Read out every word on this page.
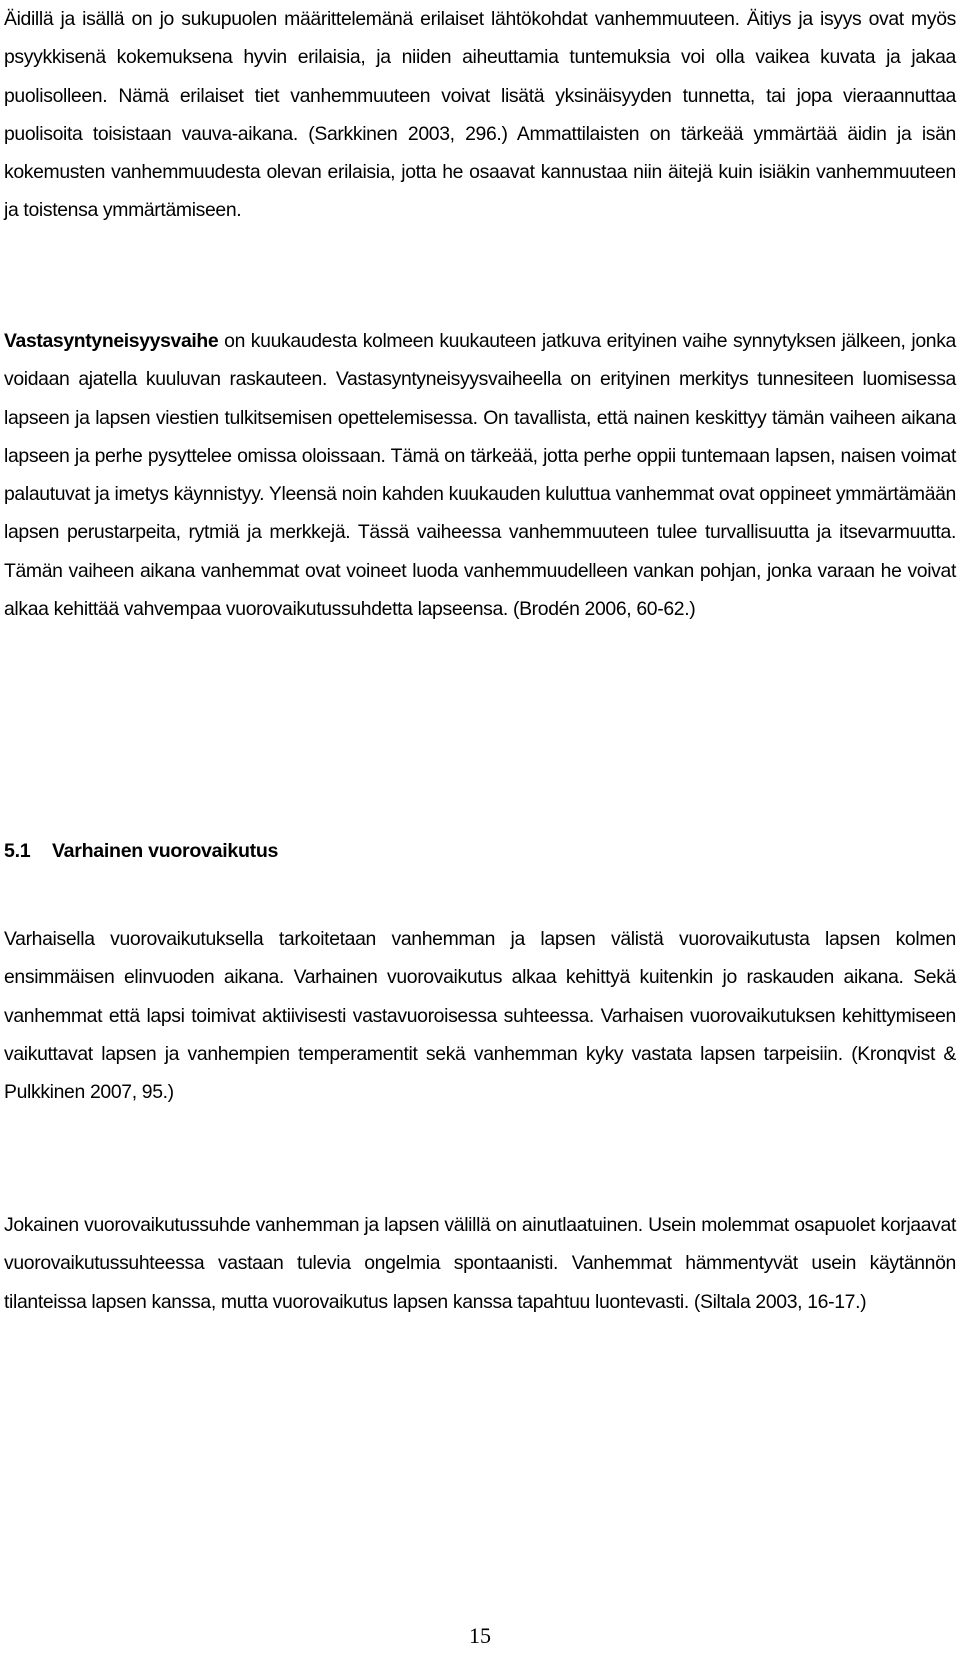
Äidillä ja isällä on jo sukupuolen määrittelemänä erilaiset lähtökohdat vanhemmuuteen. Äitiys ja isyys ovat myös psyykkisenä kokemuksena hyvin erilaisia, ja niiden aiheuttamia tuntemuksia voi olla vaikea kuvata ja jakaa puolisolleen. Nämä erilaiset tiet vanhemmuuteen voivat lisätä yksinäisyyden tunnetta, tai jopa vieraannuttaa puolisoita toisistaan vauva-aikana. (Sarkkinen 2003, 296.) Ammattilaisten on tärkeää ymmärtää äidin ja isän kokemusten vanhemmuudesta olevan erilaisia, jotta he osaavat kannustaa niin äitejä kuin isiäkin vanhemmuuteen ja toistensa ymmärtämiseen.

Vastasyntyneisyysvaihe on kuukaudesta kolmeen kuukauteen jatkuva erityinen vaihe synnytyksen jälkeen, jonka voidaan ajatella kuuluvan raskauteen. Vastasyntyneisyysvaiheella on erityinen merkitys tunnesiteen luomisessa lapseen ja lapsen viestien tulkitsemisen opettelemisessa. On tavallista, että nainen keskittyy tämän vaiheen aikana lapseen ja perhe pysyttelee omissa oloissaan. Tämä on tärkeää, jotta perhe oppii tuntemaan lapsen, naisen voimat palautuvat ja imetys käynnistyy. Yleensä noin kahden kuukauden kuluttua vanhemmat ovat oppineet ymmärtämään lapsen perustarpeita, rytmiä ja merkkejä. Tässä vaiheessa vanhemmuuteen tulee turvallisuutta ja itsevarmuutta. Tämän vaiheen aikana vanhemmat ovat voineet luoda vanhemmuudelleen vankan pohjan, jonka varaan he voivat alkaa kehittää vahvempaa vuorovaikutussuhdetta lapseensa. (Brodén 2006, 60-62.)

5.1 Varhainen vuorovaikutus

Varhaisella vuorovaikutuksella tarkoitetaan vanhemman ja lapsen välistä vuorovaikutusta lapsen kolmen ensimmäisen elinvuoden aikana. Varhainen vuorovaikutus alkaa kehittyä kuitenkin jo raskauden aikana. Sekä vanhemmat että lapsi toimivat aktiivisesti vastavuoroisessa suhteessa. Varhaisen vuorovaikutuksen kehittymiseen vaikuttavat lapsen ja vanhempien temperamentit sekä vanhemman kyky vastata lapsen tarpeisiin. (Kronqvist & Pulkkinen 2007, 95.)

Jokainen vuorovaikutussuhde vanhemman ja lapsen välillä on ainutlaatuinen. Usein molemmat osapuolet korjaavat vuorovaikutussuhteessa vastaan tulevia ongelmia spontaanisti. Vanhemmat hämmentyvät usein käytännön tilanteissa lapsen kanssa, mutta vuorovaikutus lapsen kanssa tapahtuu luontevasti. (Siltala 2003, 16-17.)

15
